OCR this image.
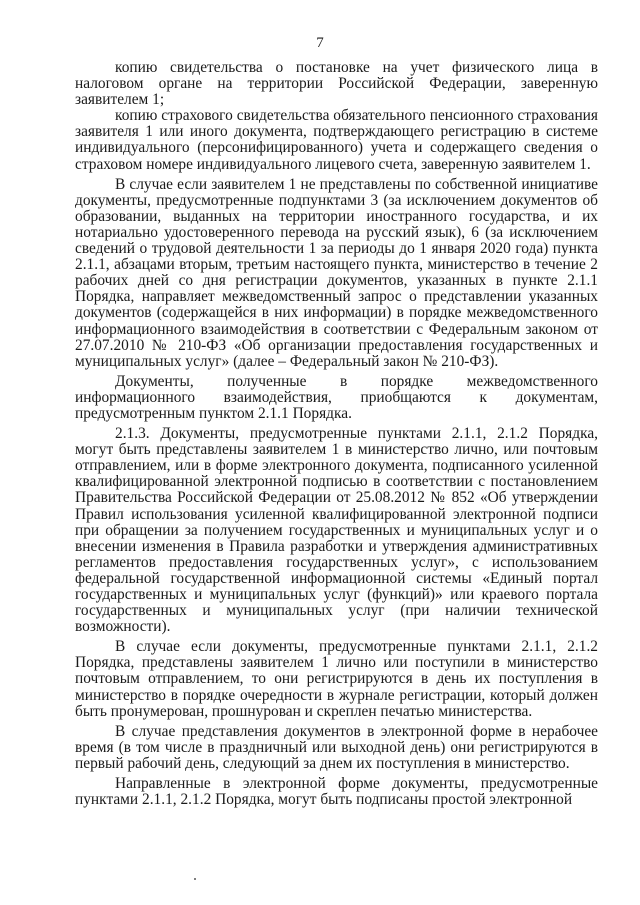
7

копию свидетельства о постановке на учет физического лица в налоговом органе на территории Российской Федерации, заверенную заявителем 1;

копию страхового свидетельства обязательного пенсионного страхования заявителя 1 или иного документа, подтверждающего регистрацию в системе индивидуального (персонифицированного) учета и содержащего сведения о страховом номере индивидуального лицевого счета, заверенную заявителем 1.

В случае если заявителем 1 не представлены по собственной инициативе документы, предусмотренные подпунктами 3 (за исключением документов об образовании, выданных на территории иностранного государства, и их нотариально удостоверенного перевода на русский язык), 6 (за исключением сведений о трудовой деятельности 1 за периоды до 1 января 2020 года) пункта 2.1.1, абзацами вторым, третьим настоящего пункта, министерство в течение 2 рабочих дней со дня регистрации документов, указанных в пункте 2.1.1 Порядка, направляет межведомственный запрос о представлении указанных документов (содержащейся в них информации) в порядке межведомственного информационного взаимодействия в соответствии с Федеральным законом от 27.07.2010 № 210-ФЗ «Об организации предоставления государственных и муниципальных услуг» (далее – Федеральный закон № 210-ФЗ).

Документы, полученные в порядке межведомственного информационного взаимодействия, приобщаются к документам, предусмотренным пунктом 2.1.1 Порядка.

2.1.3. Документы, предусмотренные пунктами 2.1.1, 2.1.2 Порядка, могут быть представлены заявителем 1 в министерство лично, или почтовым отправлением, или в форме электронного документа, подписанного усиленной квалифицированной электронной подписью в соответствии с постановлением Правительства Российской Федерации от 25.08.2012 № 852 «Об утверждении Правил использования усиленной квалифицированной электронной подписи при обращении за получением государственных и муниципальных услуг и о внесении изменения в Правила разработки и утверждения административных регламентов предоставления государственных услуг», с использованием федеральной государственной информационной системы «Единый портал государственных и муниципальных услуг (функций)» или краевого портала государственных и муниципальных услуг (при наличии технической возможности).

В случае если документы, предусмотренные пунктами 2.1.1, 2.1.2 Порядка, представлены заявителем 1 лично или поступили в министерство почтовым отправлением, то они регистрируются в день их поступления в министерство в порядке очередности в журнале регистрации, который должен быть пронумерован, прошнурован и скреплен печатью министерства.

В случае представления документов в электронной форме в нерабочее время (в том числе в праздничный или выходной день) они регистрируются в первый рабочий день, следующий за днем их поступления в министерство.

Направленные в электронной форме документы, предусмотренные пунктами 2.1.1, 2.1.2 Порядка, могут быть подписаны простой электронной
